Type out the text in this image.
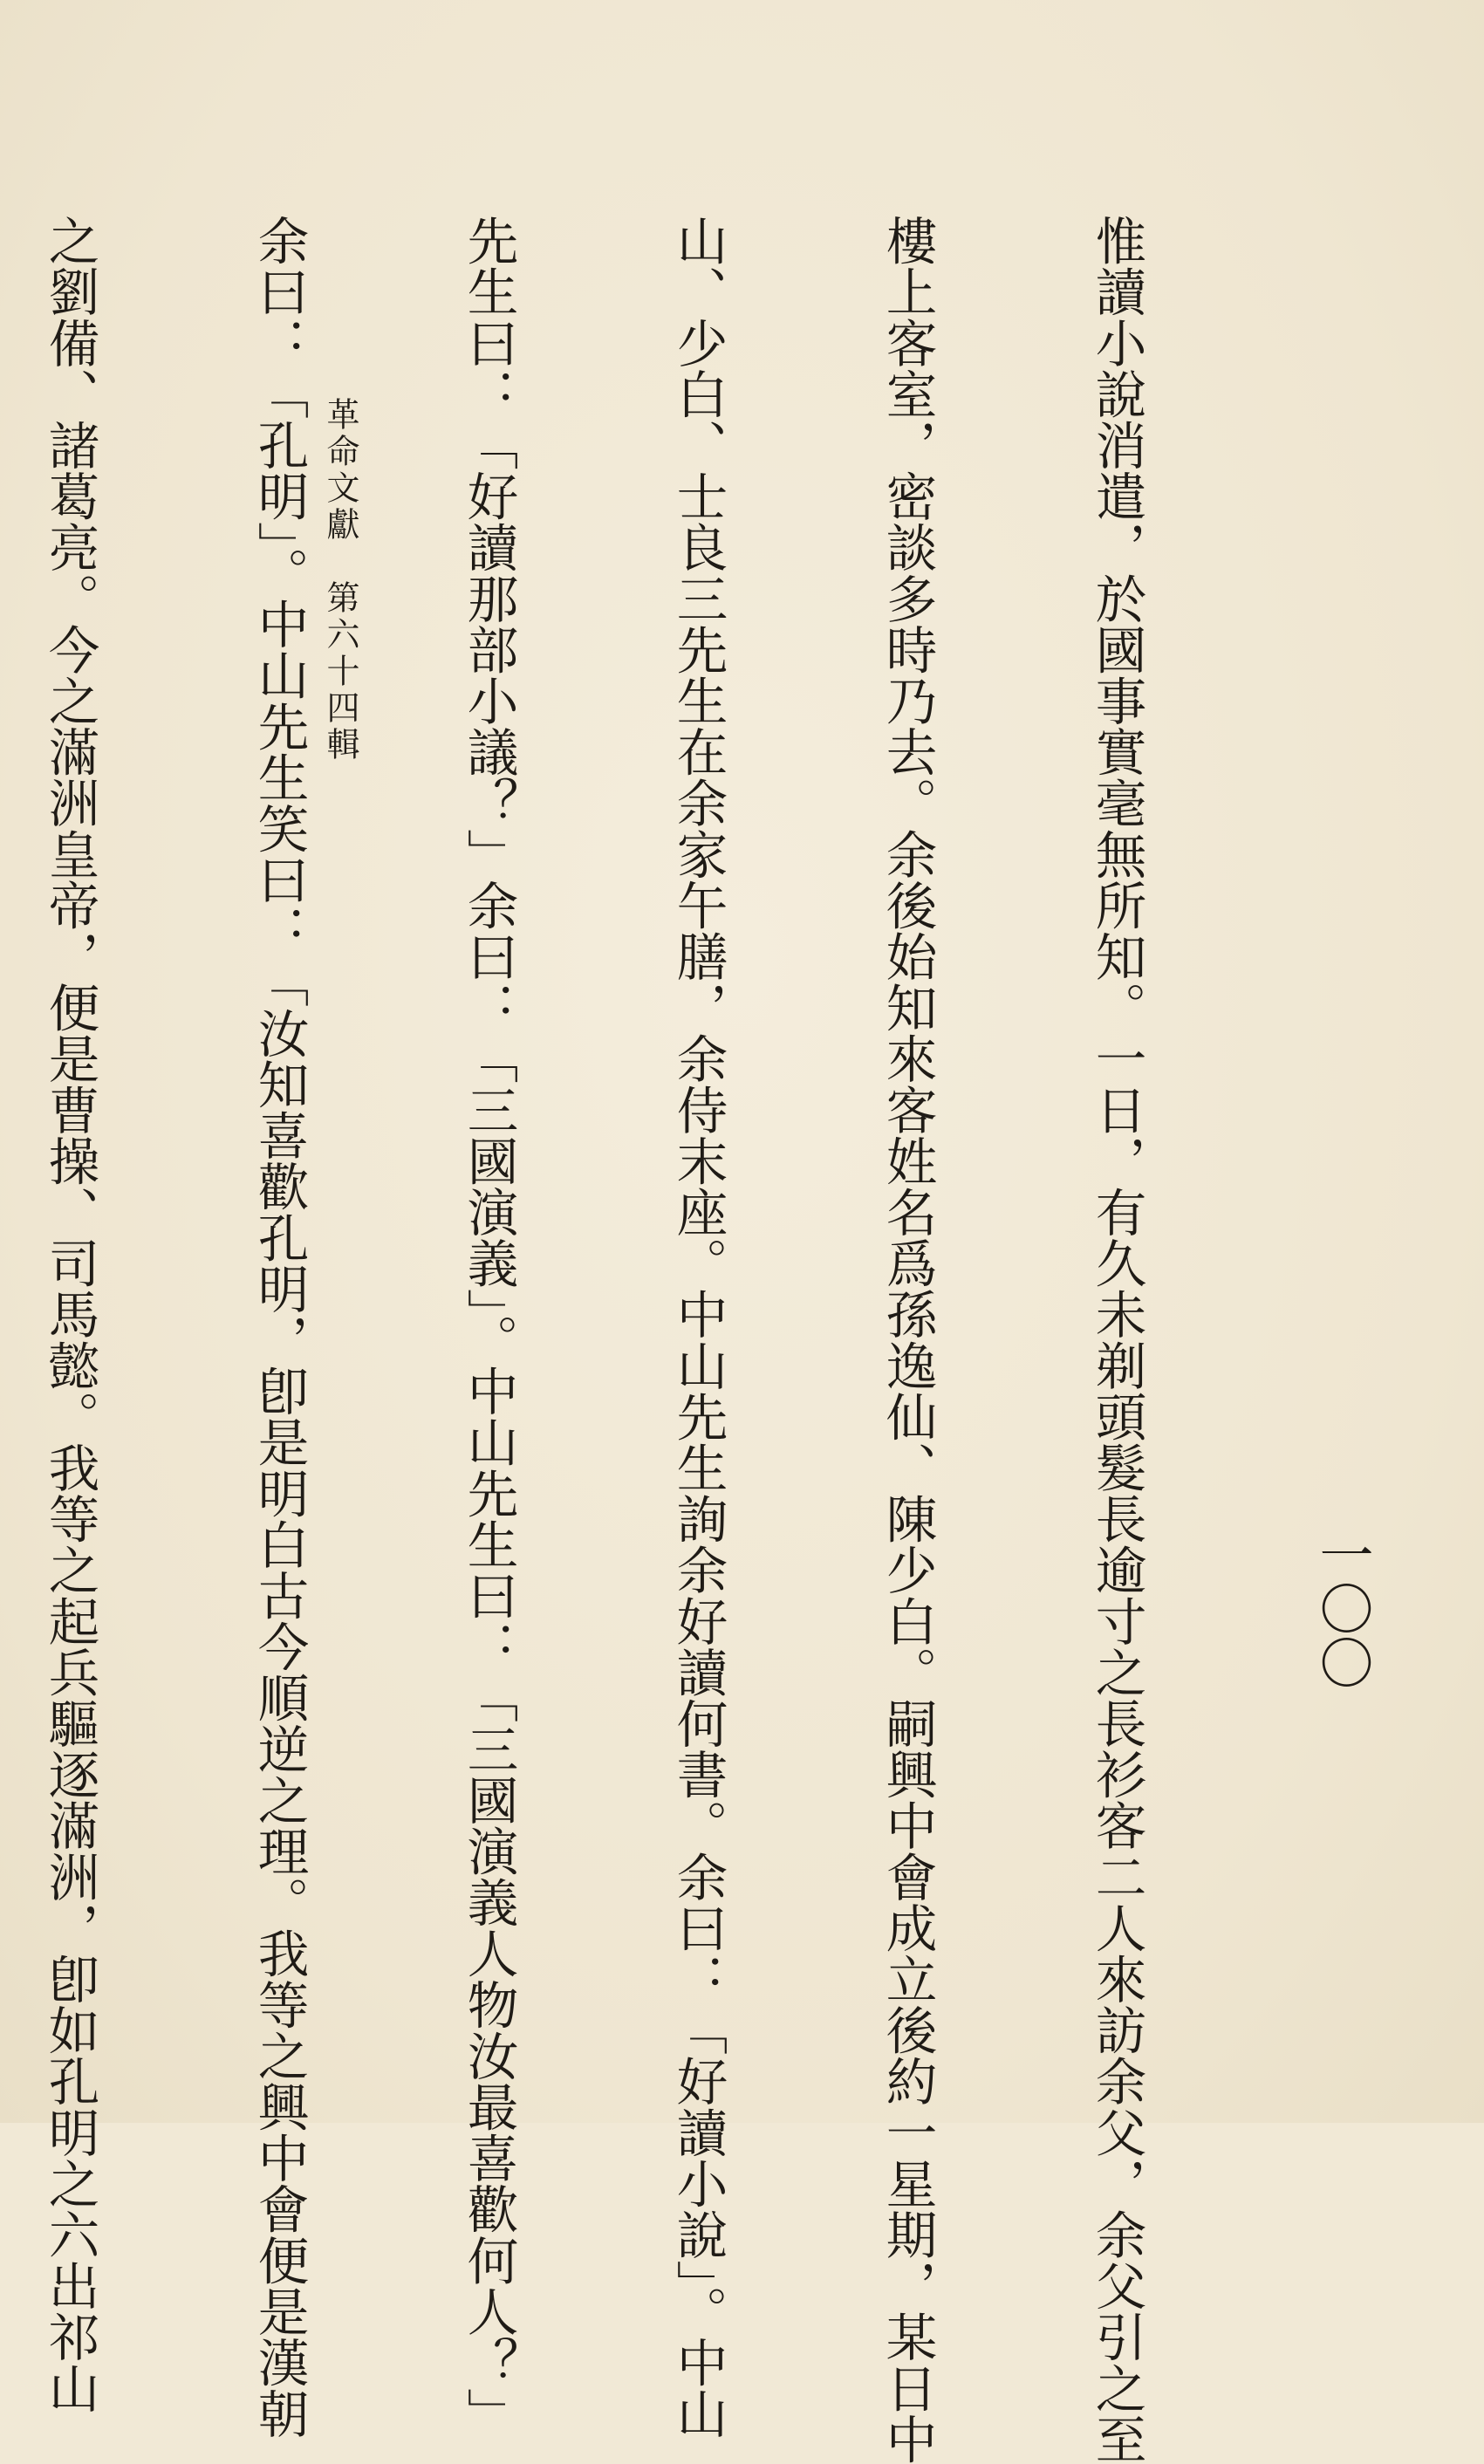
革命文獻　第六十四輯
一〇〇

惟讀小說消遣，於國事實毫無所知。一日，有久未剃頭髮長逾寸之長衫客二人來訪余父，余父引之至

樓上客室，密談多時乃去。余後始知來客姓名爲孫逸仙、陳少白。嗣興中會成立後約一星期，某日中

山、少白、士良三先生在余家午膳，余侍末座。中山先生詢余好讀何書。余曰：「好讀小說」。中山

先生曰：「好讀那部小議？」余曰：「三國演義」。中山先生曰：「三國演義人物汝最喜歡何人？」

余曰：「孔明」。中山先生笑曰：「汝知喜歡孔明，卽是明白古今順逆之理。我等之興中會便是漢朝

之劉備、諸葛亮。今之滿洲皇帝，便是曹操、司馬懿。我等之起兵驅逐滿洲，卽如孔明之六出祁山
